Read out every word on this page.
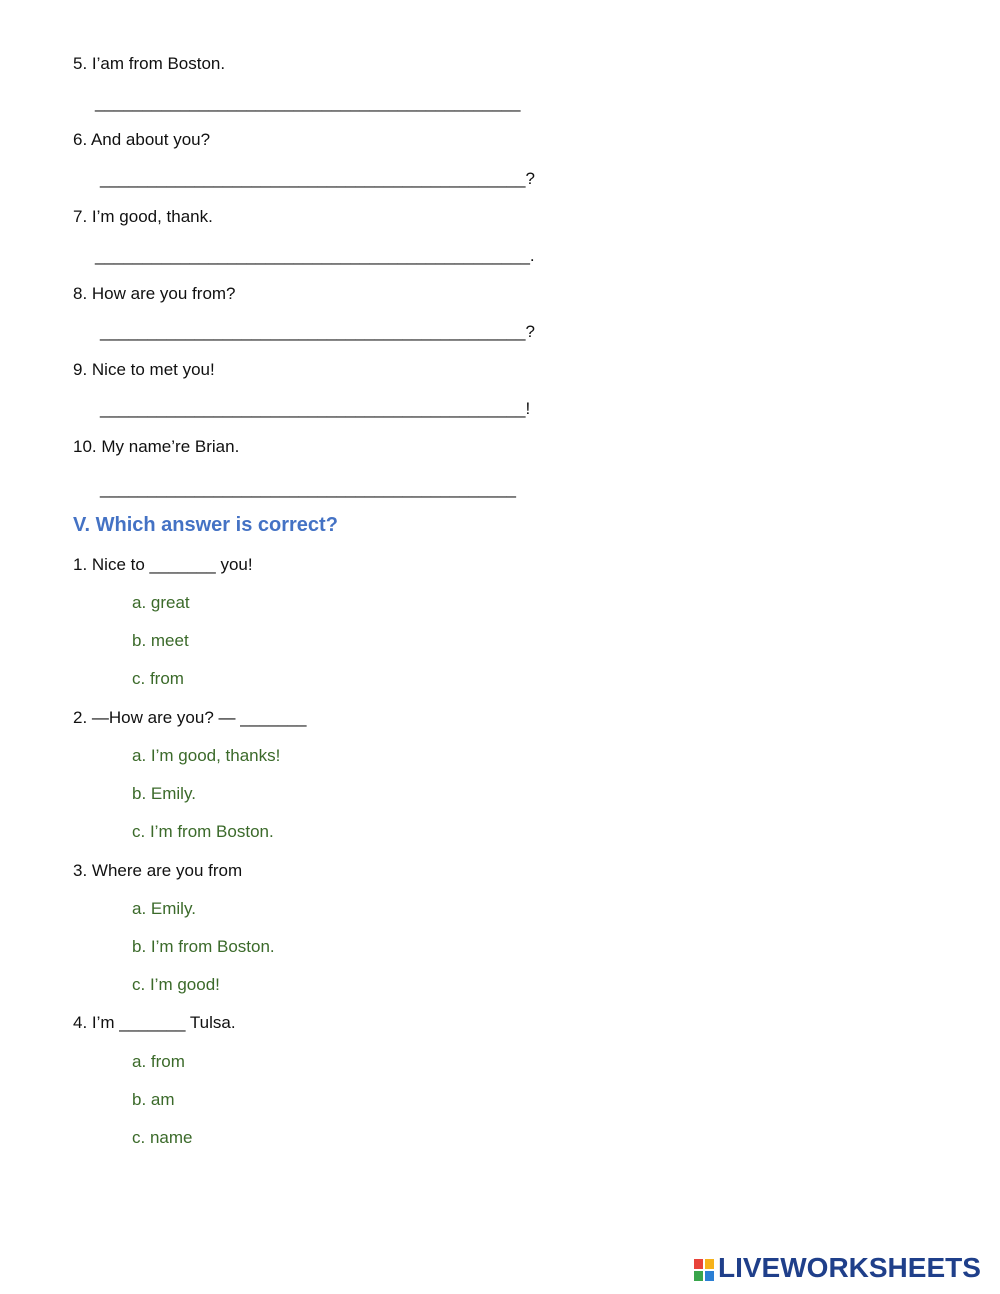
5. I’am from Boston.
_____________________________________________
6. And about you?
_____________________________________________?
7. I’m good, thank.
______________________________________________.
8. How are you from?
_____________________________________________?
9. Nice to met you!
_____________________________________________!
10. My name’re Brian.
____________________________________________
V. Which answer is correct?
1. Nice to _______ you!
a. great
b. meet
c. from
2. —How are you? — _______
a. I’m good, thanks!
b. Emily.
c. I’m from Boston.
3. Where are you from
a. Emily.
b. I’m from Boston.
c. I’m good!
4. I’m _______ Tulsa.
a. from
b. am
c. name
LIVEWORKSHEETS
